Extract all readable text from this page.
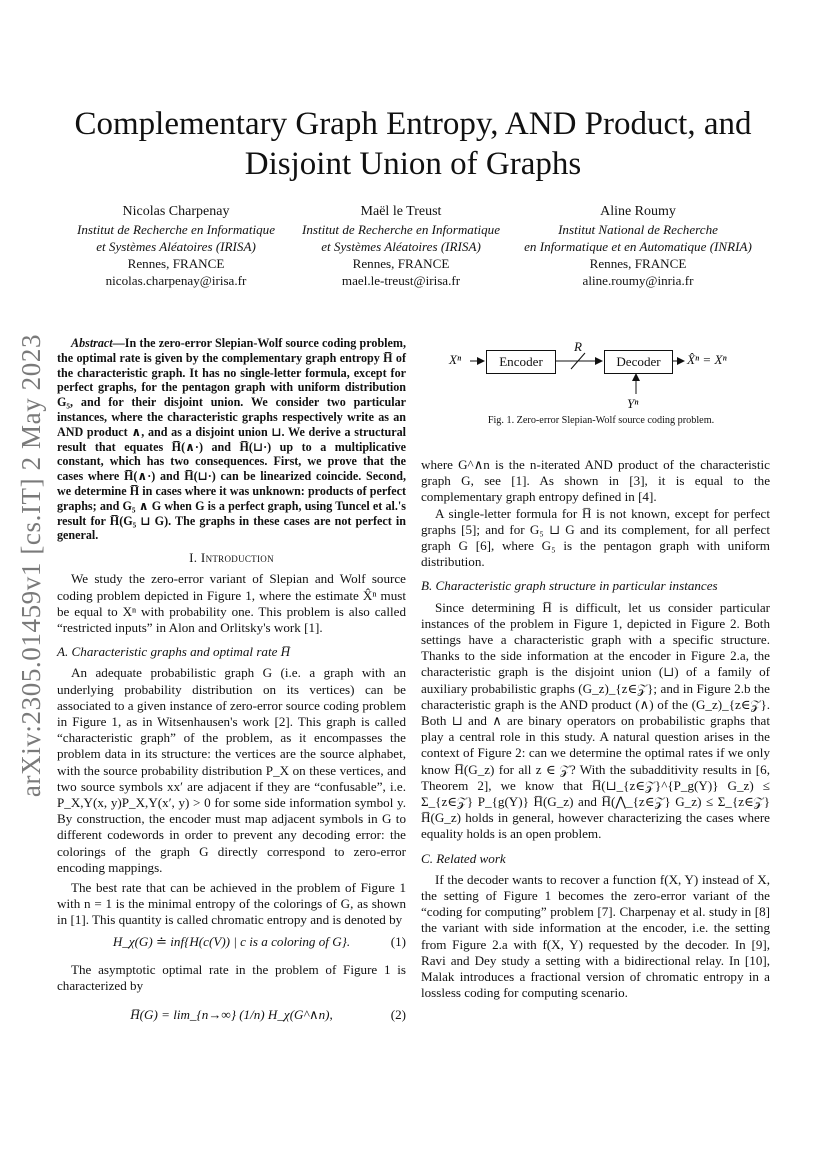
arXiv:2305.01459v1 [cs.IT] 2 May 2023
Complementary Graph Entropy, AND Product, and Disjoint Union of Graphs
Nicolas Charpenay
Institut de Recherche en Informatique
et Systèmes Aléatoires (IRISA)
Rennes, FRANCE
nicolas.charpenay@irisa.fr
Maël le Treust
Institut de Recherche en Informatique
et Systèmes Aléatoires (IRISA)
Rennes, FRANCE
mael.le-treust@irisa.fr
Aline Roumy
Institut National de Recherche
en Informatique et en Automatique (INRIA)
Rennes, FRANCE
aline.roumy@inria.fr

Abstract—In the zero-error Slepian-Wolf source coding problem, the optimal rate is given by the complementary graph entropy H̅ of the characteristic graph. It has no single-letter formula, except for perfect graphs, for the pentagon graph with uniform distribution G₅, and for their disjoint union. We consider two particular instances, where the characteristic graphs respectively write as an AND product ∧, and as a disjoint union ⊔. We derive a structural result that equates H̅(∧·) and H̅(⊔·) up to a multiplicative constant, which has two consequences. First, we prove that the cases where H̅(∧·) and H̅(⊔·) can be linearized coincide. Second, we determine H̅ in cases where it was unknown: products of perfect graphs; and G₅ ∧ G when G is a perfect graph, using Tuncel et al.'s result for H̅(G₅ ⊔ G). The graphs in these cases are not perfect in general.

I. Introduction

We study the zero-error variant of Slepian and Wolf source coding problem depicted in Figure 1, where the estimate X̂ⁿ must be equal to Xⁿ with probability one. This problem is also called “restricted inputs” in Alon and Orlitsky's work [1].

A. Characteristic graphs and optimal rate H̅

An adequate probabilistic graph G (i.e. a graph with an underlying probability distribution on its vertices) can be associated to a given instance of zero-error source coding problem in Figure 1, as in Witsenhausen's work [2]. This graph is called “characteristic graph” of the problem, as it encompasses the problem data in its structure: the vertices are the source alphabet, with the source probability distribution P_X on these vertices, and two source symbols xx′ are adjacent if they are “confusable”, i.e. P_X,Y(x, y)P_X,Y(x′, y) > 0 for some side information symbol y. By construction, the encoder must map adjacent symbols in G to different codewords in order to prevent any decoding error: the colorings of the graph G directly correspond to zero-error encoding mappings.

The best rate that can be achieved in the problem of Figure 1 with n = 1 is the minimal entropy of the colorings of G, as shown in [1]. This quantity is called chromatic entropy and is denoted by

H_χ(G) ≐ inf{H(c(V)) | c is a coloring of G}.	(1)

The asymptotic optimal rate in the problem of Figure 1 is characterized by

H̅(G) = lim_{n→∞} (1/n) H_χ(G^∧n),	(2)
Xⁿ	Encoder
R
Decoder	X̂ⁿ = Xⁿ
Yⁿ
Fig. 1. Zero-error Slepian-Wolf source coding problem.

where G^∧n is the n-iterated AND product of the characteristic graph G, see [1]. As shown in [3], it is equal to the complementary graph entropy defined in [4].

A single-letter formula for H̅ is not known, except for perfect graphs [5]; and for G₅ ⊔ G and its complement, for all perfect graph G [6], where G₅ is the pentagon graph with uniform distribution.

B. Characteristic graph structure in particular instances

Since determining H̅ is difficult, let us consider particular instances of the problem in Figure 1, depicted in Figure 2. Both settings have a characteristic graph with a specific structure. Thanks to the side information at the encoder in Figure 2.a, the characteristic graph is the disjoint union (⊔) of a family of auxiliary probabilistic graphs (G_z)_{z∈𝒵}; and in Figure 2.b the characteristic graph is the AND product (∧) of the (G_z)_{z∈𝒵}. Both ⊔ and ∧ are binary operators on probabilistic graphs that play a central role in this study. A natural question arises in the context of Figure 2: can we determine the optimal rates if we only know H̅(G_z) for all z ∈ 𝒵? With the subadditivity results in [6, Theorem 2], we know that H̅(⊔_{z∈𝒵}^{P_g(Y)} G_z) ≤ Σ_{z∈𝒵} P_{g(Y)} H̅(G_z) and H̅(⋀_{z∈𝒵} G_z) ≤ Σ_{z∈𝒵} H̅(G_z) holds in general, however characterizing the cases where equality holds is an open problem.

C. Related work

If the decoder wants to recover a function f(X, Y) instead of X, the setting of Figure 1 becomes the zero-error variant of the “coding for computing” problem [7]. Charpenay et al. study in [8] the variant with side information at the encoder, i.e. the setting from Figure 2.a with f(X, Y) requested by the decoder. In [9], Ravi and Dey study a setting with a bidirectional relay. In [10], Malak introduces a fractional version of chromatic entropy in a lossless coding for computing scenario.
